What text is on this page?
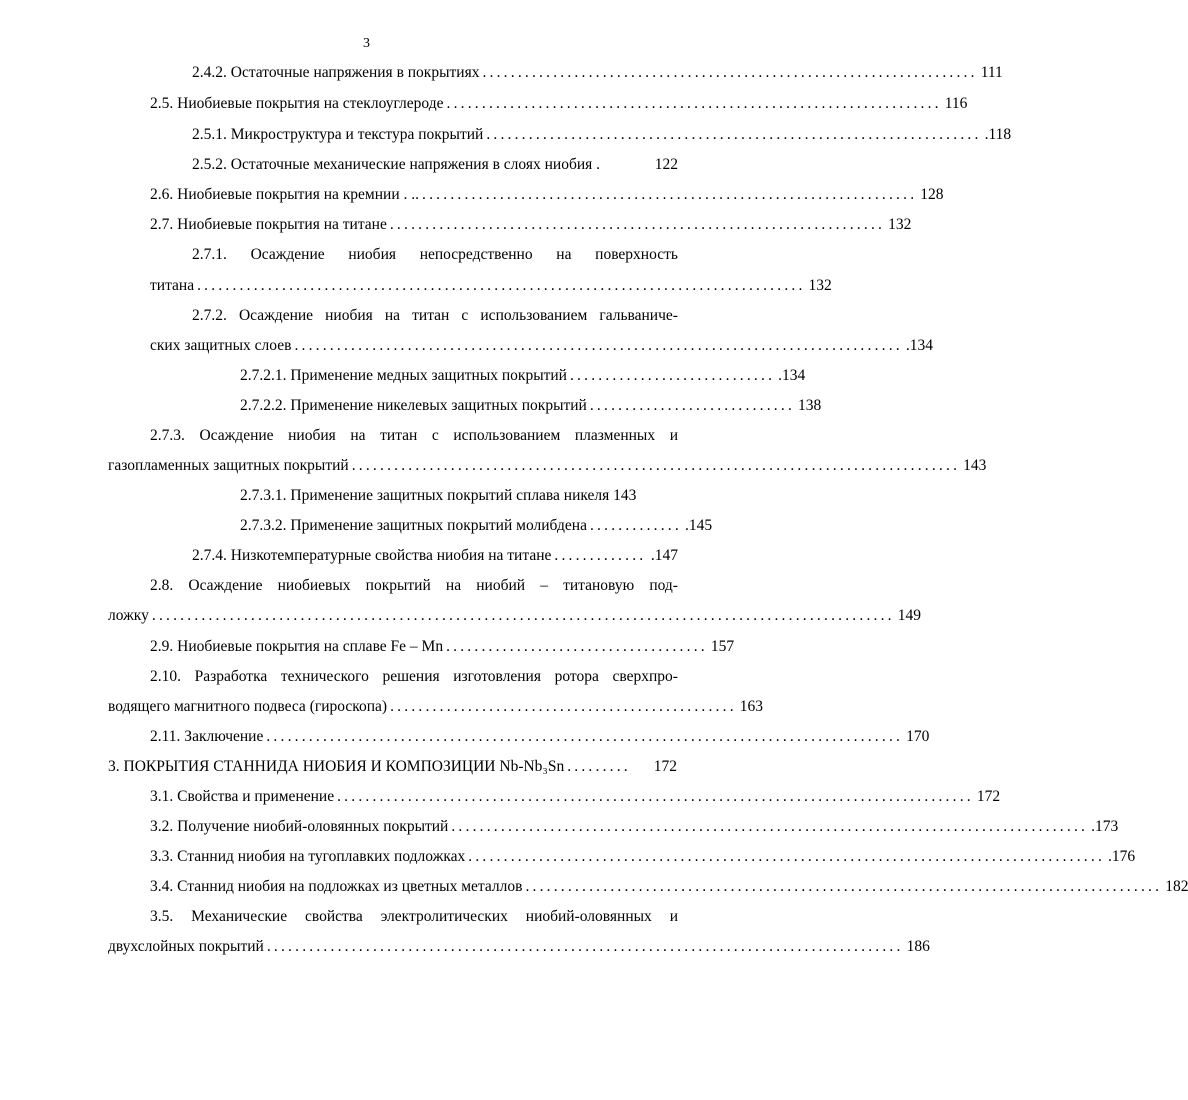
3
2.4.2. Остаточные напряжения в покрытиях ...................................................................... 111
2.5. Ниобиевые покрытия на стеклоуглероде ...................................................................... 116
2.5.1. Микроструктура и текстура покрытий ...................................................................... .118
2.5.2. Остаточные механические напряжения в слоях ниобия .	122
2.6. Ниобиевые покрытия на кремнии . .. ...................................................................... 128
2.7. Ниобиевые покрытия на титане ...................................................................... 132
2.7.1. Осаждение ниобия непосредственно на поверхность
титана ...................................................................................... 132
2.7.2. Осаждение ниобия на титан с использованием гальваниче-
ских защитных слоев ...................................................................................... .134
2.7.2.1. Применение медных защитных покрытий ............................. .134
2.7.2.2. Применение никелевых защитных покрытий ............................. 138
2.7.3. Осаждение ниобия на титан с использованием плазменных и
газопламенных защитных покрытий ...................................................................................... 143
2.7.3.1. Применение защитных покрытий сплава никеля 143
2.7.3.2. Применение защитных покрытий молибдена ............. .145
2.7.4. Низкотемпературные свойства ниобия на титане ............. .147
2.8. Осаждение ниобиевых покрытий на ниобий – титановую под-
ложку ......................................................................................................... 149
2.9. Ниобиевые покрытия на сплаве Fe – Mn ..................................... 157
2.10. Разработка технического решения изготовления ротора сверхпро-
водящего магнитного подвеса (гироскопа) ................................................. 163
2.11. Заключение .......................................................................................... 170
3. ПОКРЫТИЯ СТАННИДА НИОБИЯ И КОМПОЗИЦИИ Nb-Nb₃Sn .........	172
3.1. Свойства и применение .......................................................................................... 172
3.2. Получение ниобий-оловянных покрытий .......................................................................................... .173
3.3. Станнид ниобия на тугоплавких подложках .......................................................................................... .176
3.4. Станнид ниобия на подложках из цветных металлов .......................................................................................... 182
3.5. Механические свойства электролитических ниобий-оловянных и
двухслойных покрытий .......................................................................................... 186
